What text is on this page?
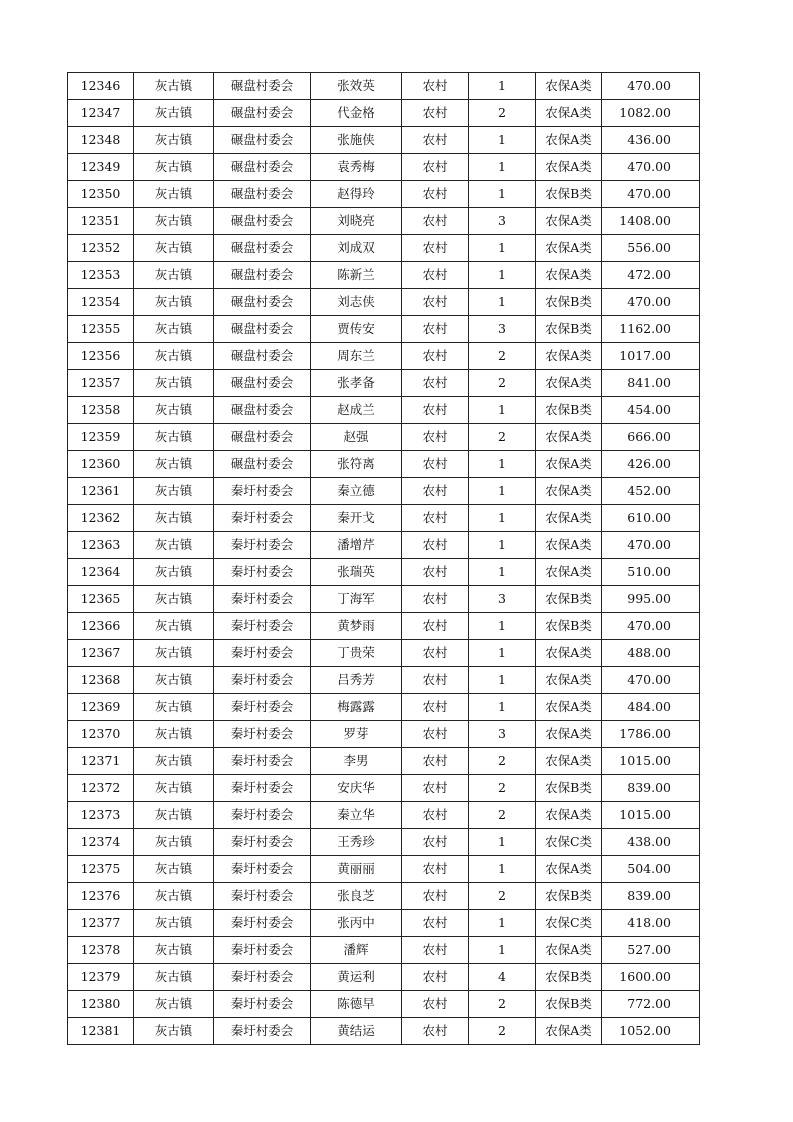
12346	灰古镇	碾盘村委会	张效英	农村	1	农保A类	470.00
12347	灰古镇	碾盘村委会	代金格	农村	2	农保A类	1082.00
12348	灰古镇	碾盘村委会	张施侠	农村	1	农保A类	436.00
12349	灰古镇	碾盘村委会	袁秀梅	农村	1	农保A类	470.00
12350	灰古镇	碾盘村委会	赵得玲	农村	1	农保B类	470.00
12351	灰古镇	碾盘村委会	刘晓亮	农村	3	农保A类	1408.00
12352	灰古镇	碾盘村委会	刘成双	农村	1	农保A类	556.00
12353	灰古镇	碾盘村委会	陈新兰	农村	1	农保A类	472.00
12354	灰古镇	碾盘村委会	刘志侠	农村	1	农保B类	470.00
12355	灰古镇	碾盘村委会	贾传安	农村	3	农保B类	1162.00
12356	灰古镇	碾盘村委会	周东兰	农村	2	农保A类	1017.00
12357	灰古镇	碾盘村委会	张孝备	农村	2	农保A类	841.00
12358	灰古镇	碾盘村委会	赵成兰	农村	1	农保B类	454.00
12359	灰古镇	碾盘村委会	赵强	农村	2	农保A类	666.00
12360	灰古镇	碾盘村委会	张符离	农村	1	农保A类	426.00
12361	灰古镇	秦圩村委会	秦立德	农村	1	农保A类	452.00
12362	灰古镇	秦圩村委会	秦开戈	农村	1	农保A类	610.00
12363	灰古镇	秦圩村委会	潘增芹	农村	1	农保A类	470.00
12364	灰古镇	秦圩村委会	张瑞英	农村	1	农保A类	510.00
12365	灰古镇	秦圩村委会	丁海军	农村	3	农保B类	995.00
12366	灰古镇	秦圩村委会	黄梦雨	农村	1	农保B类	470.00
12367	灰古镇	秦圩村委会	丁贵荣	农村	1	农保A类	488.00
12368	灰古镇	秦圩村委会	吕秀芳	农村	1	农保A类	470.00
12369	灰古镇	秦圩村委会	梅露露	农村	1	农保A类	484.00
12370	灰古镇	秦圩村委会	罗芽	农村	3	农保A类	1786.00
12371	灰古镇	秦圩村委会	李男	农村	2	农保A类	1015.00
12372	灰古镇	秦圩村委会	安庆华	农村	2	农保B类	839.00
12373	灰古镇	秦圩村委会	秦立华	农村	2	农保A类	1015.00
12374	灰古镇	秦圩村委会	王秀珍	农村	1	农保C类	438.00
12375	灰古镇	秦圩村委会	黄丽丽	农村	1	农保A类	504.00
12376	灰古镇	秦圩村委会	张良芝	农村	2	农保B类	839.00
12377	灰古镇	秦圩村委会	张丙中	农村	1	农保C类	418.00
12378	灰古镇	秦圩村委会	潘辉	农村	1	农保A类	527.00
12379	灰古镇	秦圩村委会	黄运利	农村	4	农保B类	1600.00
12380	灰古镇	秦圩村委会	陈德早	农村	2	农保B类	772.00
12381	灰古镇	秦圩村委会	黄结运	农村	2	农保A类	1052.00
